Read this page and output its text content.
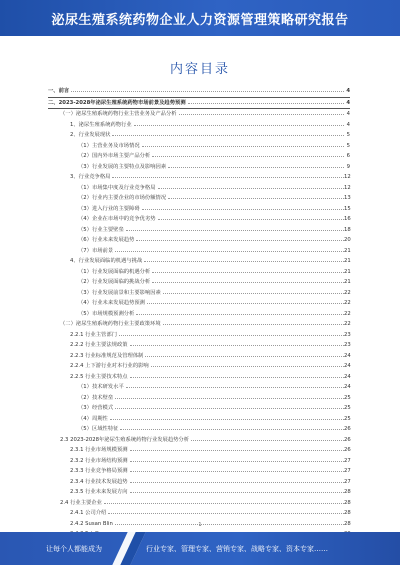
泌尿生殖系统药物企业人力资源管理策略研究报告
内容目录
一、前言	4
二、2023-2028年泌尿生殖系统药物市场前景及趋势预测	4
（一）泌尿生殖系统药物行业主营业务及产品分析	4
1、泌尿生殖系统药物行业	4
2、行业发展现状	5
（1）主营业务及市场情况	5
（2）国内外市场主要产品分析	6
（3）行业发展的主要特点及影响因素	9
3、行业竞争格局	12
（1）市场集中度及行业竞争格局	12
（2）行业内主要企业的市场份额情况	13
（3）进入行业的主要障碍	15
（4）企业在市场中的竞争优劣势	16
（5）行业主要壁垒	18
（6）行业未来发展趋势	20
（7）市场前景	21
4、行业发展面临的机遇与挑战	21
（1）行业发展面临的机遇分析	21
（2）行业发展面临的挑战分析	21
（3）行业发展前景和主要影响因素	22
（4）行业未来发展趋势预测	22
（5）市场规模预测分析	22
（二）泌尿生殖系统药物行业主要政策环境	22
2.2.1 行业主管部门	23
2.2.2 行业主要法规政策	23
2.2.3 行业标准规范及管理体制	24
2.2.4 上下游行业对本行业的影响	24
2.2.5 行业主要技术特点	24
（1）技术研发水平	24
（2）技术壁垒	25
（3）经营模式	25
（4）周期性	25
（5）区域性特征	26
2.3 2023-2028年泌尿生殖系统药物行业发展趋势分析	26
2.3.1 行业市场规模预测	26
2.3.2 行业市场结构预测	27
2.3.3 行业竞争格局预测	27
2.3.4 行业技术发展趋势	27
2.3.5 行业未来发展方向	28
2.4 行业主要企业	28
2.4.1 公司介绍	28
2.4.2 Susan Blin	28
1
让每个人都能成为	行业专家、管理专家、营销专家、战略专家、资本专家……
